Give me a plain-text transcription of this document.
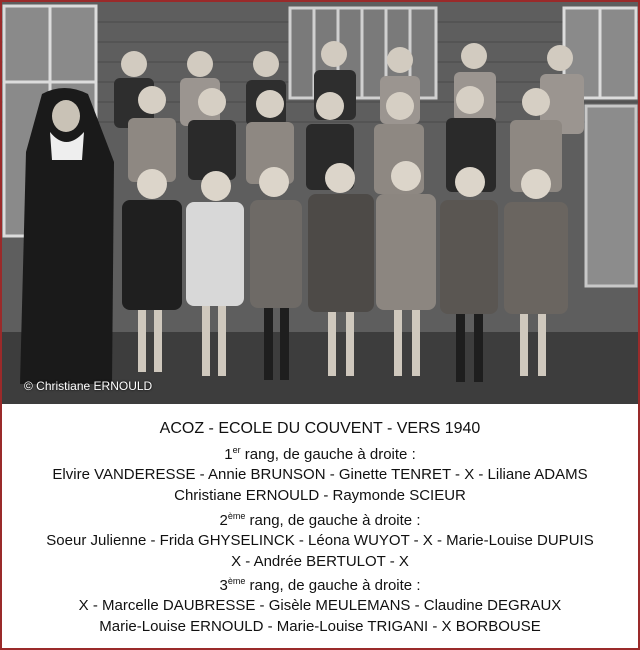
© Christiane ERNOULD
ACOZ - ECOLE DU COUVENT - VERS 1940
1er rang, de gauche à droite :
Elvire VANDERESSE - Annie BRUNSON - Ginette TENRET - X - Liliane ADAMS
Christiane ERNOULD - Raymonde SCIEUR
2ème rang, de gauche à droite :
Soeur Julienne - Frida GHYSELINCK - Léona WUYOT - X - Marie-Louise DUPUIS
X - Andrée BERTULOT - X
3ème rang, de gauche à droite :
X - Marcelle DAUBRESSE - Gisèle MEULEMANS - Claudine DEGRAUX
Marie-Louise ERNOULD - Marie-Louise TRIGANI - X BORBOUSE
